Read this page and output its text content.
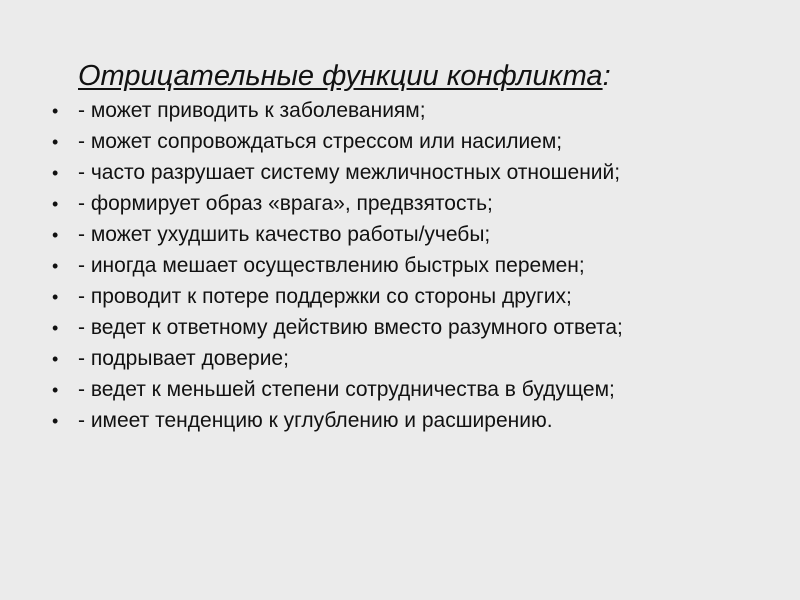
Отрицательные функции конфликта:
• - может приводить к заболеваниям;
• - может сопровождаться стрессом или насилием;
• - часто разрушает систему межличностных отношений;
• - формирует образ «врага», предвзятость;
• - может ухудшить качество работы/учебы;
• - иногда мешает осуществлению быстрых перемен;
• - проводит к потере поддержки со стороны других;
• - ведет к ответному действию вместо разумного ответа;
• - подрывает доверие;
• - ведет к меньшей степени сотрудничества в будущем;
• - имеет тенденцию к углублению и расширению.
